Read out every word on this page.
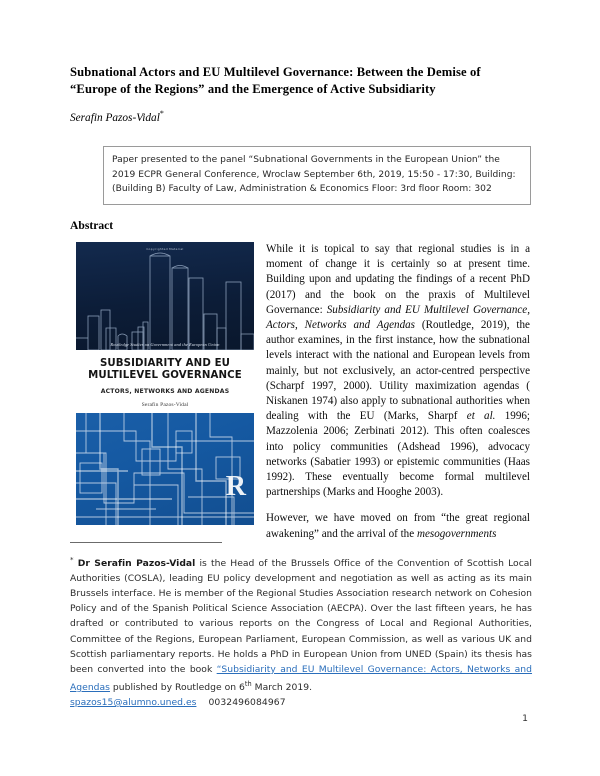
Subnational Actors and EU Multilevel Governance: Between the Demise of “Europe of the Regions” and the Emergence of Active Subsidiarity
Serafin Pazos-Vidal*
Paper presented to the panel “Subnational Governments in the European Union” the 2019 ECPR General Conference, Wroclaw September 6th, 2019, 15:50 - 17:30, Building: (Building B) Faculty of Law, Administration & Economics Floor: 3rd floor Room: 302
Abstract
Copyrighted Material
Routledge Studies on Government and the European Union
SUBSIDIARITY AND EU MULTILEVEL GOVERNANCE
ACTORS, NETWORKS AND AGENDAS
Serafin Pazos-Vidal
R

While it is topical to say that regional studies is in a moment of change it is certainly so at present time. Building upon and updating the findings of a recent PhD (2017) and the book on the praxis of Multilevel Governance: Subsidiarity and EU Multilevel Governance, Actors, Networks and Agendas (Routledge, 2019), the author examines, in the first instance, how the subnational levels interact with the national and European levels from mainly, but not exclusively, an actor-centred perspective (Scharpf 1997, 2000). Utility maximization agendas ( Niskanen 1974) also apply to subnational authorities when dealing with the EU (Marks, Sharpf et al. 1996; Mazzolenia 2006; Zerbinati 2012). This often coalesces into policy communities (Adshead 1996), advocacy networks (Sabatier 1993) or epistemic communities (Haas 1992). These eventually become formal multilevel partnerships (Marks and Hooghe 2003).

However, we have moved on from “the great regional awakening” and the arrival of the mesogovernments

* Dr Serafin Pazos-Vidal is the Head of the Brussels Office of the Convention of Scottish Local Authorities (COSLA), leading EU policy development and negotiation as well as acting as its main Brussels interface. He is member of the Regional Studies Association research network on Cohesion Policy and of the Spanish Political Science Association (AECPA). Over the last fifteen years, he has drafted or contributed to various reports on the Congress of Local and Regional Authorities, Committee of the Regions, European Parliament, European Commission, as well as various UK and Scottish parliamentary reports. He holds a PhD in European Union from UNED (Spain) its thesis has been converted into the book “Subsidiarity and EU Multilevel Governance: Actors, Networks and Agendas published by Routledge on 6th March 2019.
spazos15@alumno.uned.es 0032496084967

1
